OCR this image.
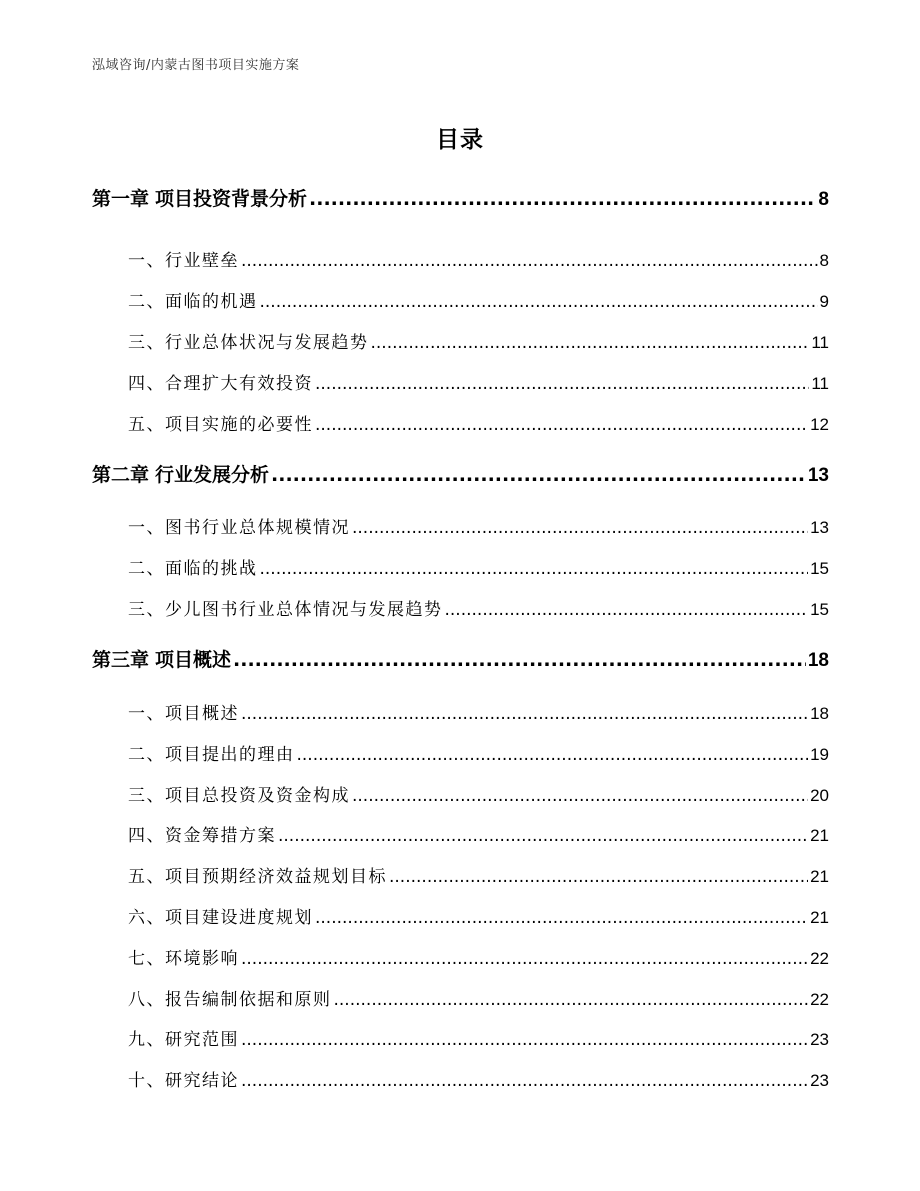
泓域咨询/内蒙古图书项目实施方案
目录
第一章 项目投资背景分析 .....	8
一、 行业壁垒 .....	8
二、 面临的机遇 .....	9
三、 行业总体状况与发展趋势 .....	11
四、 合理扩大有效投资 .....	11
五、 项目实施的必要性 .....	12
第二章 行业发展分析 .....	13
一、 图书行业总体规模情况 .....	13
二、 面临的挑战 .....	15
三、 少儿图书行业总体情况与发展趋势 .....	15
第三章 项目概述 .....	18
一、 项目概述 .....	18
二、 项目提出的理由 .....	19
三、 项目总投资及资金构成 .....	20
四、 资金筹措方案 .....	21
五、 项目预期经济效益规划目标 .....	21
六、 项目建设进度规划 .....	21
七、 环境影响 .....	22
八、 报告编制依据和原则 .....	22
九、 研究范围 .....	23
十、 研究结论 .....	23
